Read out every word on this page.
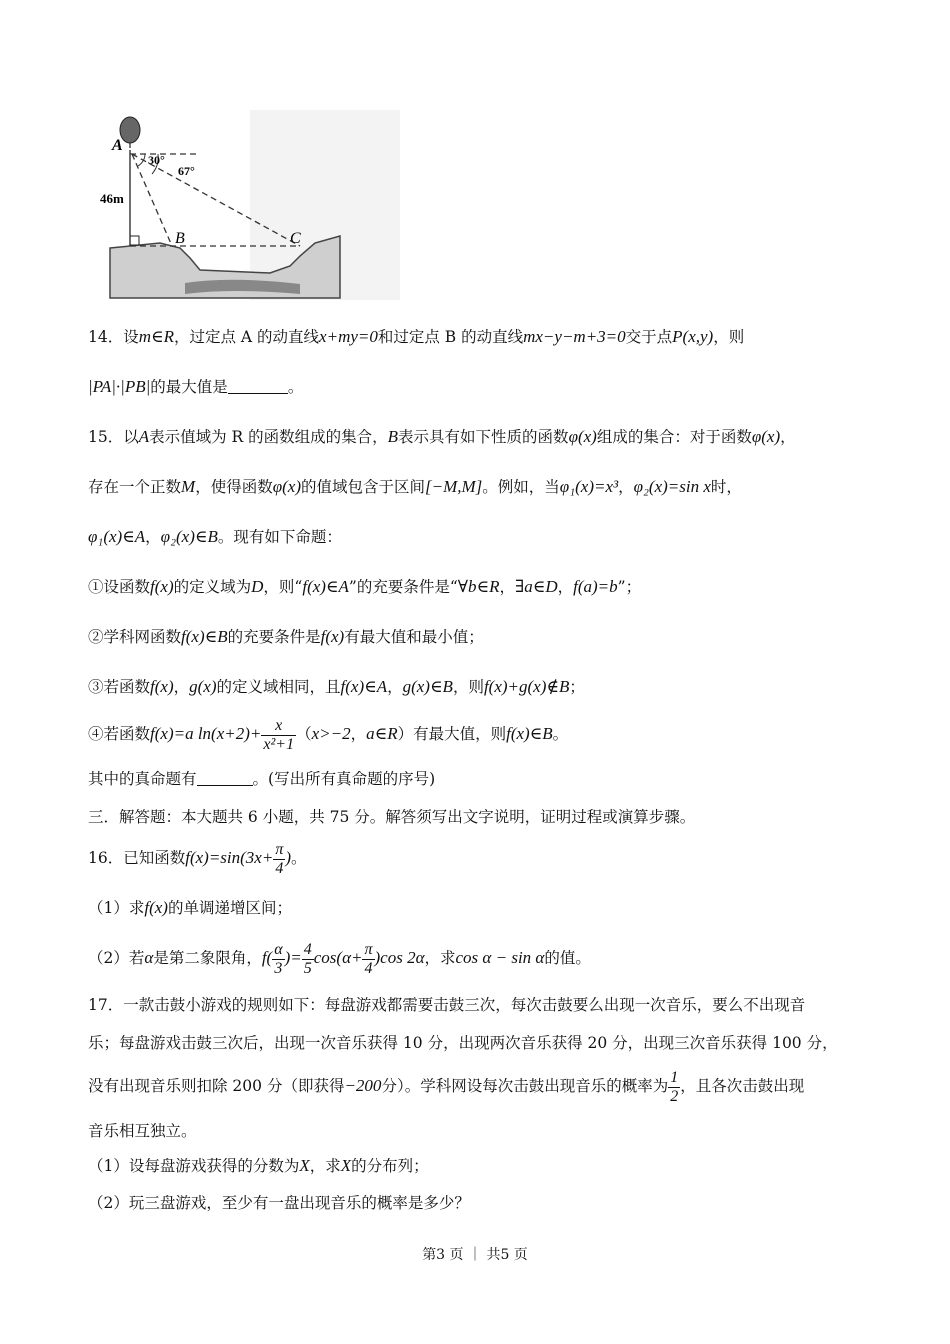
A
B	C
46m
30°
67°
14．设m∈R，过定点 A 的动直线x+my=0和过定点 B 的动直线mx−y−m+3=0交于点P(x,y)，则
|PA|·|PB|的最大值是	。
15．以A表示值域为 R 的函数组成的集合，B表示具有如下性质的函数φ(x)组成的集合：对于函数φ(x)，
存在一个正数M，使得函数φ(x)的值域包含于区间[−M,M]。例如，当φ₁(x)=x³，φ₂(x)=sin x时，
φ₁(x)∈A，φ₂(x)∈B。现有如下命题：
①设函数f(x)的定义域为D，则“f(x)∈A”的充要条件是“∀b∈R，∃a∈D，f(a)=b”；
②学科网函数f(x)∈B的充要条件是f(x)有最大值和最小值；
③若函数f(x)，g(x)的定义域相同，且f(x)∈A，g(x)∈B，则f(x)+g(x)∉B；
④若函数f(x)=a $\ln(x+2)+ \frac{x}{\text{x²+1}} (x>-2$，a∈R）有最大值，则f(x)∈B。
其中的真命题有	。(写出所有真命题的序号)
三．解答题：本大题共 6 小题，共 75 分。解答须写出文字说明，证明过程或演算步骤。
16．已知函数$f(x)=\sin(3x+ \frac{\pi}{4}$ )。
（1）求f(x)的单调递增区间；
（2）若α是第二象限角，$f( \frac{\alpha}{3}$ )= $\frac{4}{5} \cos(\alpha+ \frac{\pi}{4} )\cos$ 2α，求cos α − sin α的值。
17．一款击鼓小游戏的规则如下：每盘游戏都需要击鼓三次，每次击鼓要么出现一次音乐，要么不出现音
乐；每盘游戏击鼓三次后，出现一次音乐获得 10 分，出现两次音乐获得 20 分，出现三次音乐获得 100 分，
没有出现音乐则扣除 200 分（即获得−200分）。学科网设每次击鼓出现音乐的概率为 $\frac{1}{2}$ ，且各次击鼓出现
音乐相互独立。
（1）设每盘游戏获得的分数为X，求X的分布列；
（2）玩三盘游戏，至少有一盘出现音乐的概率是多少？
第3 页 ｜ 共5 页
